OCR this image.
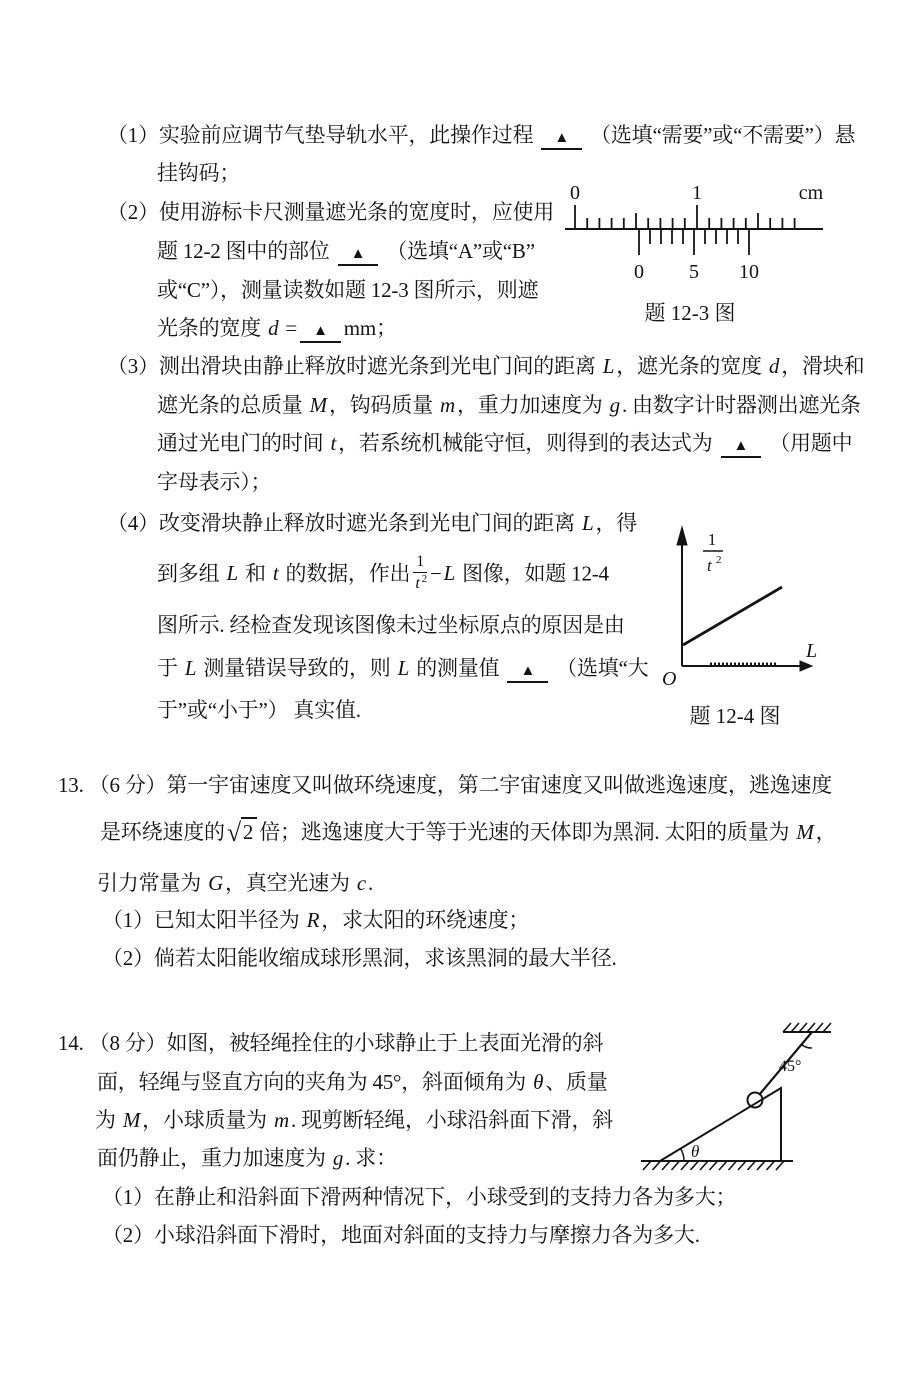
（1）实验前应调节气垫导轨水平，此操作过程 ▲ （选填“需要”或“不需要”）悬
挂钩码；
（2）使用游标卡尺测量遮光条的宽度时，应使用
题 12-2 图中的部位 ▲ （选填“A”或“B”
或“C”），测量读数如题 12-3 图所示，则遮
光条的宽度 d = ▲ mm；
（3）测出滑块由静止释放时遮光条到光电门间的距离 L，遮光条的宽度 d，滑块和
遮光条的总质量 M，钩码质量 m，重力加速度为 g. 由数字计时器测出遮光条
通过光电门的时间 t，若系统机械能守恒，则得到的表达式为 ▲ （用题中
字母表示）；
（4）改变滑块静止释放时遮光条到光电门间的距离 L，得
到多组 L 和 t 的数据，作出 $\frac{1}{t ^2} -L$ 图像，如题 12-4
图所示. 经检查发现该图像未过坐标原点的原因是由
于 L 测量错误导致的，则 L 的测量值 ▲ （选填“大
于”或“小于”） 真实值.
13. （6 分）第一宇宙速度又叫做环绕速度，第二宇宙速度又叫做逃逸速度，逃逸速度
是环绕速度的√2 倍；逃逸速度大于等于光速的天体即为黑洞. 太阳的质量为 M，
引力常量为 G，真空光速为 c.
（1）已知太阳半径为 R，求太阳的环绕速度；
（2）倘若太阳能收缩成球形黑洞，求该黑洞的最大半径.
14. （8 分）如图，被轻绳拴住的小球静止于上表面光滑的斜
面，轻绳与竖直方向的夹角为 45°，斜面倾角为 θ、质量
为 M，小球质量为 m. 现剪断轻绳，小球沿斜面下滑，斜
面仍静止，重力加速度为 g. 求：
（1）在静止和沿斜面下滑两种情况下，小球受到的支持力各为多大；
（2）小球沿斜面下滑时，地面对斜面的支持力与摩擦力各为多大.
0	1	cm
0 5 10
题 12-3 图
1
t 2
L
O
题 12-4 图
45°
θ
